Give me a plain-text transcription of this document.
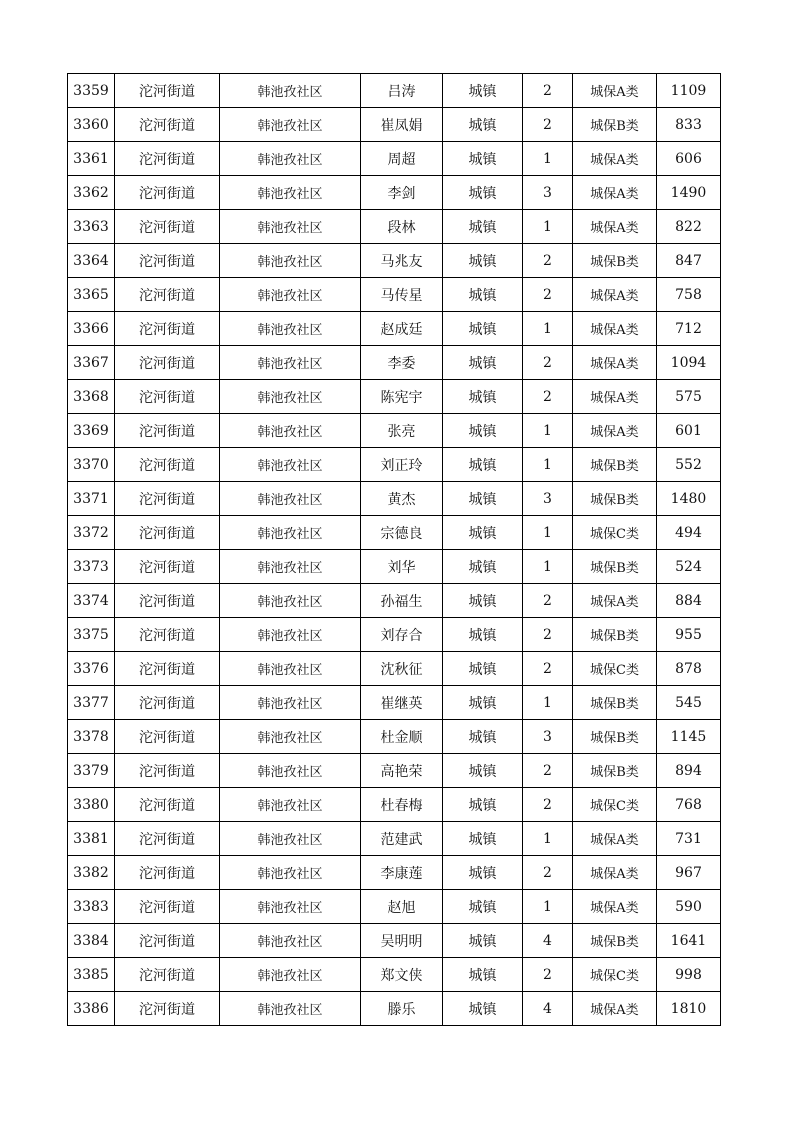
3359	沱河街道	韩池孜社区	吕涛	城镇	2	城保A类	1109
3360	沱河街道	韩池孜社区	崔凤娟	城镇	2	城保B类	833
3361	沱河街道	韩池孜社区	周超	城镇	1	城保A类	606
3362	沱河街道	韩池孜社区	李剑	城镇	3	城保A类	1490
3363	沱河街道	韩池孜社区	段林	城镇	1	城保A类	822
3364	沱河街道	韩池孜社区	马兆友	城镇	2	城保B类	847
3365	沱河街道	韩池孜社区	马传星	城镇	2	城保A类	758
3366	沱河街道	韩池孜社区	赵成廷	城镇	1	城保A类	712
3367	沱河街道	韩池孜社区	李委	城镇	2	城保A类	1094
3368	沱河街道	韩池孜社区	陈宪宇	城镇	2	城保A类	575
3369	沱河街道	韩池孜社区	张亮	城镇	1	城保A类	601
3370	沱河街道	韩池孜社区	刘正玲	城镇	1	城保B类	552
3371	沱河街道	韩池孜社区	黄杰	城镇	3	城保B类	1480
3372	沱河街道	韩池孜社区	宗德良	城镇	1	城保C类	494
3373	沱河街道	韩池孜社区	刘华	城镇	1	城保B类	524
3374	沱河街道	韩池孜社区	孙福生	城镇	2	城保A类	884
3375	沱河街道	韩池孜社区	刘存合	城镇	2	城保B类	955
3376	沱河街道	韩池孜社区	沈秋征	城镇	2	城保C类	878
3377	沱河街道	韩池孜社区	崔继英	城镇	1	城保B类	545
3378	沱河街道	韩池孜社区	杜金顺	城镇	3	城保B类	1145
3379	沱河街道	韩池孜社区	高艳荣	城镇	2	城保B类	894
3380	沱河街道	韩池孜社区	杜春梅	城镇	2	城保C类	768
3381	沱河街道	韩池孜社区	范建武	城镇	1	城保A类	731
3382	沱河街道	韩池孜社区	李康莲	城镇	2	城保A类	967
3383	沱河街道	韩池孜社区	赵旭	城镇	1	城保A类	590
3384	沱河街道	韩池孜社区	吴明明	城镇	4	城保B类	1641
3385	沱河街道	韩池孜社区	郑文侠	城镇	2	城保C类	998
3386	沱河街道	韩池孜社区	滕乐	城镇	4	城保A类	1810
